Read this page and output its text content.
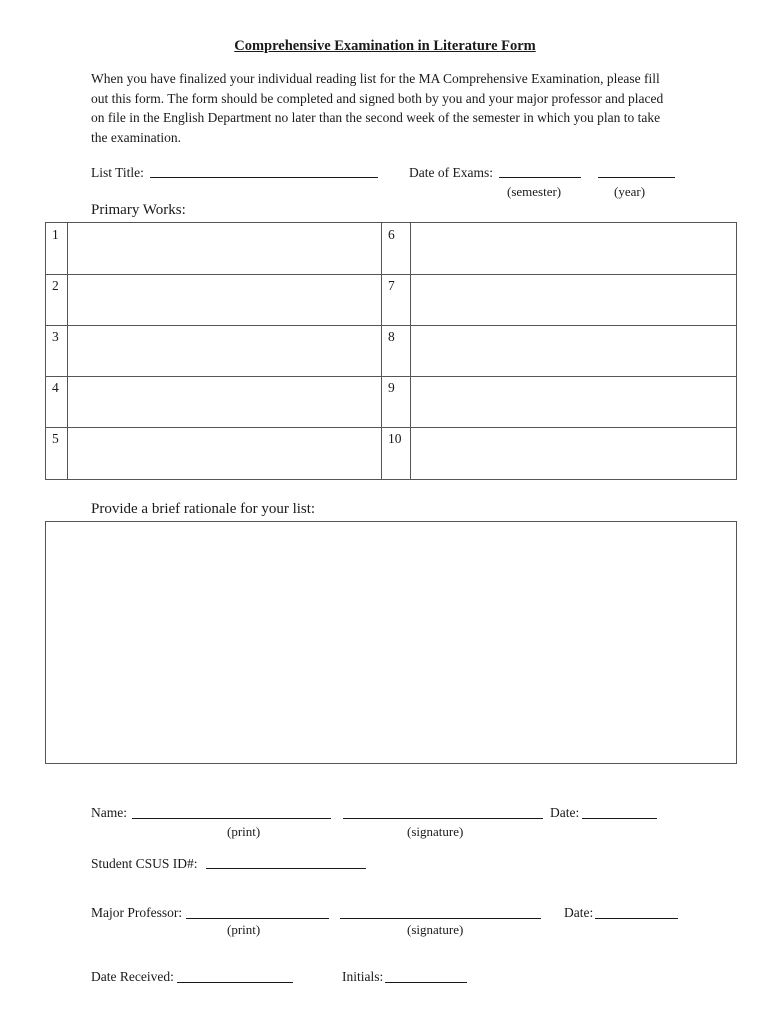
Comprehensive Examination in Literature Form
When you have finalized your individual reading list for the MA Comprehensive Examination, please fill
out this form. The form should be completed and signed both by you and your major professor and placed
on file in the English Department no later than the second week of the semester in which you plan to take
the examination.
List Title:	Date of Exams:
(semester)	(year)
Primary Works:
1	6
2	7
3	8
4	9
5	10
Provide a brief rationale for your list:
Name:	Date:
(print)	(signature)
Student CSUS ID#:
Major Professor:	Date:
(print)	(signature)
Date Received:	Initials:
